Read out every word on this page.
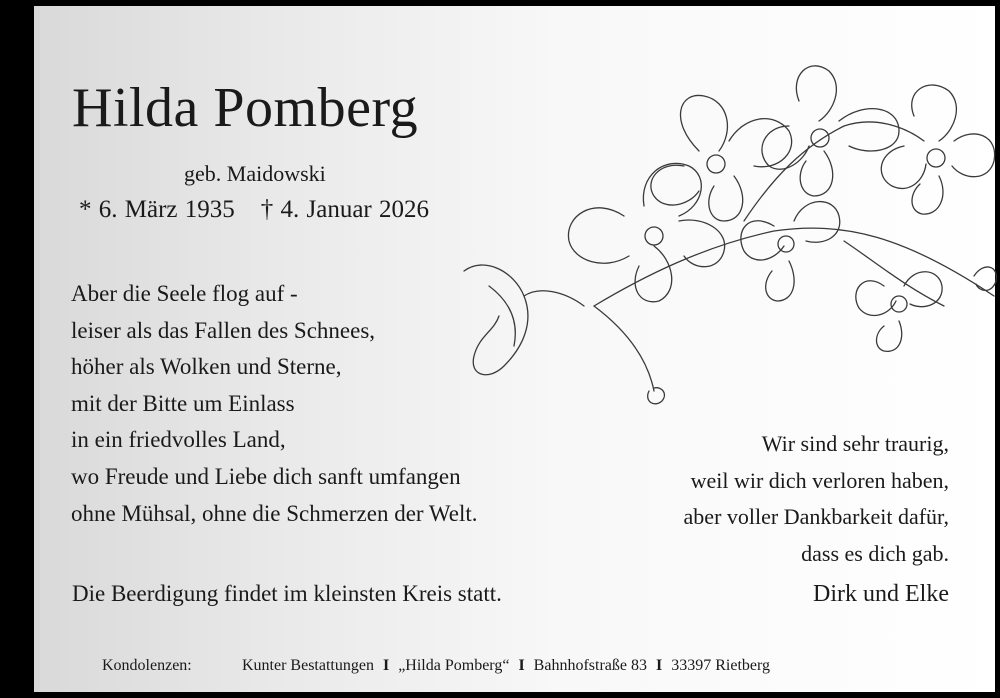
Hilda Pomberg
geb. Maidowski
* 6. März 1935 † 4. Januar 2026
Aber die Seele flog auf -
leiser als das Fallen des Schnees,
höher als Wolken und Sterne,
mit der Bitte um Einlass
in ein friedvolles Land,
wo Freude und Liebe dich sanft umfangen
ohne Mühsal, ohne die Schmerzen der Welt.
Wir sind sehr traurig,
weil wir dich verloren haben,
aber voller Dankbarkeit dafür,
dass es dich gab.
Die Beerdigung findet im kleinsten Kreis statt.	Dirk und Elke
Kondolenzen:	Kunter Bestattungen I „Hilda Pomberg“ I Bahnhofstraße 83 I 33397 Rietberg
